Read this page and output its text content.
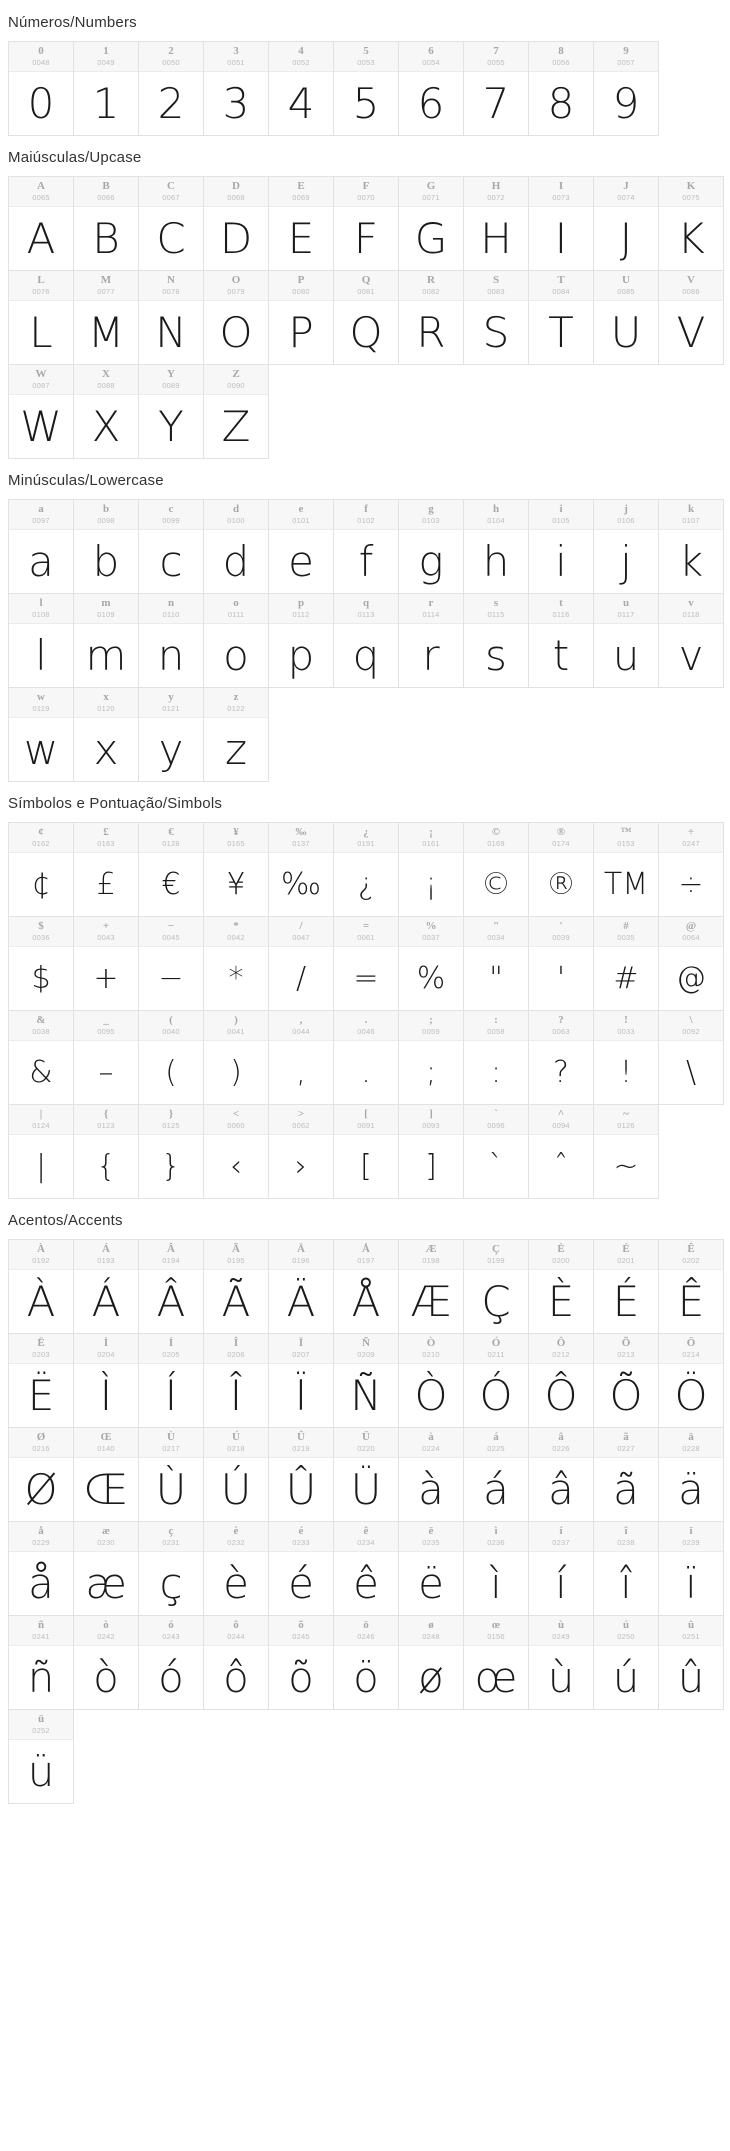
Números/Numbers
0
0048
0
1
0049
1
2
0050
2
3
0051
3
4
0052
4
5
0053
5
6
0054
6
7
0055
7
8
0056
8
9
0057
9
Maiúsculas/Upcase
A
0065
A
B
0066
B
C
0067
C
D
0068
D
E
0069
E
F
0070
F
G
0071
G
H
0072
H
I
0073
I
J
0074
J
K
0075
K
L
0076
L
M
0077
M
N
0078
N
O
0079
O
P
0080
P
Q
0081
Q
R
0082
R
S
0083
S
T
0084
T
U
0085
U
V
0086
V
W
0087
W
X
0088
X
Y
0089
Y
Z
0090
Z
Minúsculas/Lowercase
a
0097
a
b
0098
b
c
0099
c
d
0100
d
e
0101
e
f
0102
f
g
0103
g
h
0104
h
i
0105
i
j
0106
j
k
0107
k
l
0108
l
m
0109
m
n
0110
n
o
0111
o
p
0112
p
q
0113
q
r
0114
r
s
0115
s
t
0116
t
u
0117
u
v
0118
v
w
0119
w
x
0120
x
y
0121
y
z
0122
z
Símbolos e Pontuação/Simbols
¢
0162
¢
£
0163
£
€
0128
€
¥
0165
¥
‰
0137
‰
¿
0191
¿
¡
0161
¡
©
0169
©
®
0174
®
™
0153
TM
÷
0247
÷
$
0036
$
+
0043
+
−
0045
−
*
0042
*
/
0047
/
=
0061
=
%
0037
%
"
0034
"
'
0039
'
#
0035
#
@
0064
@
&
0038
&
_
0095
–
(
0040
(
)
0041
)
,
0044
,
.
0046
.
;
0059
;
:
0058
:
?
0063
?
!
0033
!
\
0092
\
|
0124
|
{
0123
{
}
0125
}
<
0060
‹
>
0062
›
[
0091
[
]
0093
]
`
0096
`
^
0094
ˆ
~
0126
~
Acentos/Accents
À
0192
À
Á
0193
Á
Â
0194
Â
Ã
0195
Ã
Ä
0196
Ä
Å
0197
Å
Æ
0198
Æ
Ç
0199
Ç
È
0200
È
É
0201
É
Ê
0202
Ê
Ë
0203
Ë
Ì
0204
Ì
Í
0205
Í
Î
0206
Î
Ï
0207
Ï
Ñ
0209
Ñ
Ò
0210
Ò
Ó
0211
Ó
Ô
0212
Ô
Õ
0213
Õ
Ö
0214
Ö
Ø
0216
Ø
Œ
0140
Œ
Ù
0217
Ù
Ú
0218
Ú
Û
0219
Û
Ü
0220
Ü
à
0224
à
á
0225
á
â
0226
â
ã
0227
ã
ä
0228
ä
å
0229
å
æ
0230
æ
ç
0231
ç
è
0232
è
é
0233
é
ê
0234
ê
ë
0235
ë
ì
0236
ì
í
0237
í
î
0238
î
ï
0239
ï
ñ
0241
ñ
ò
0242
ò
ó
0243
ó
ô
0244
ô
õ
0245
õ
ö
0246
ö
ø
0248
ø
œ
0156
œ
ù
0249
ù
ú
0250
ú
û
0251
û
ü
0252
ü
